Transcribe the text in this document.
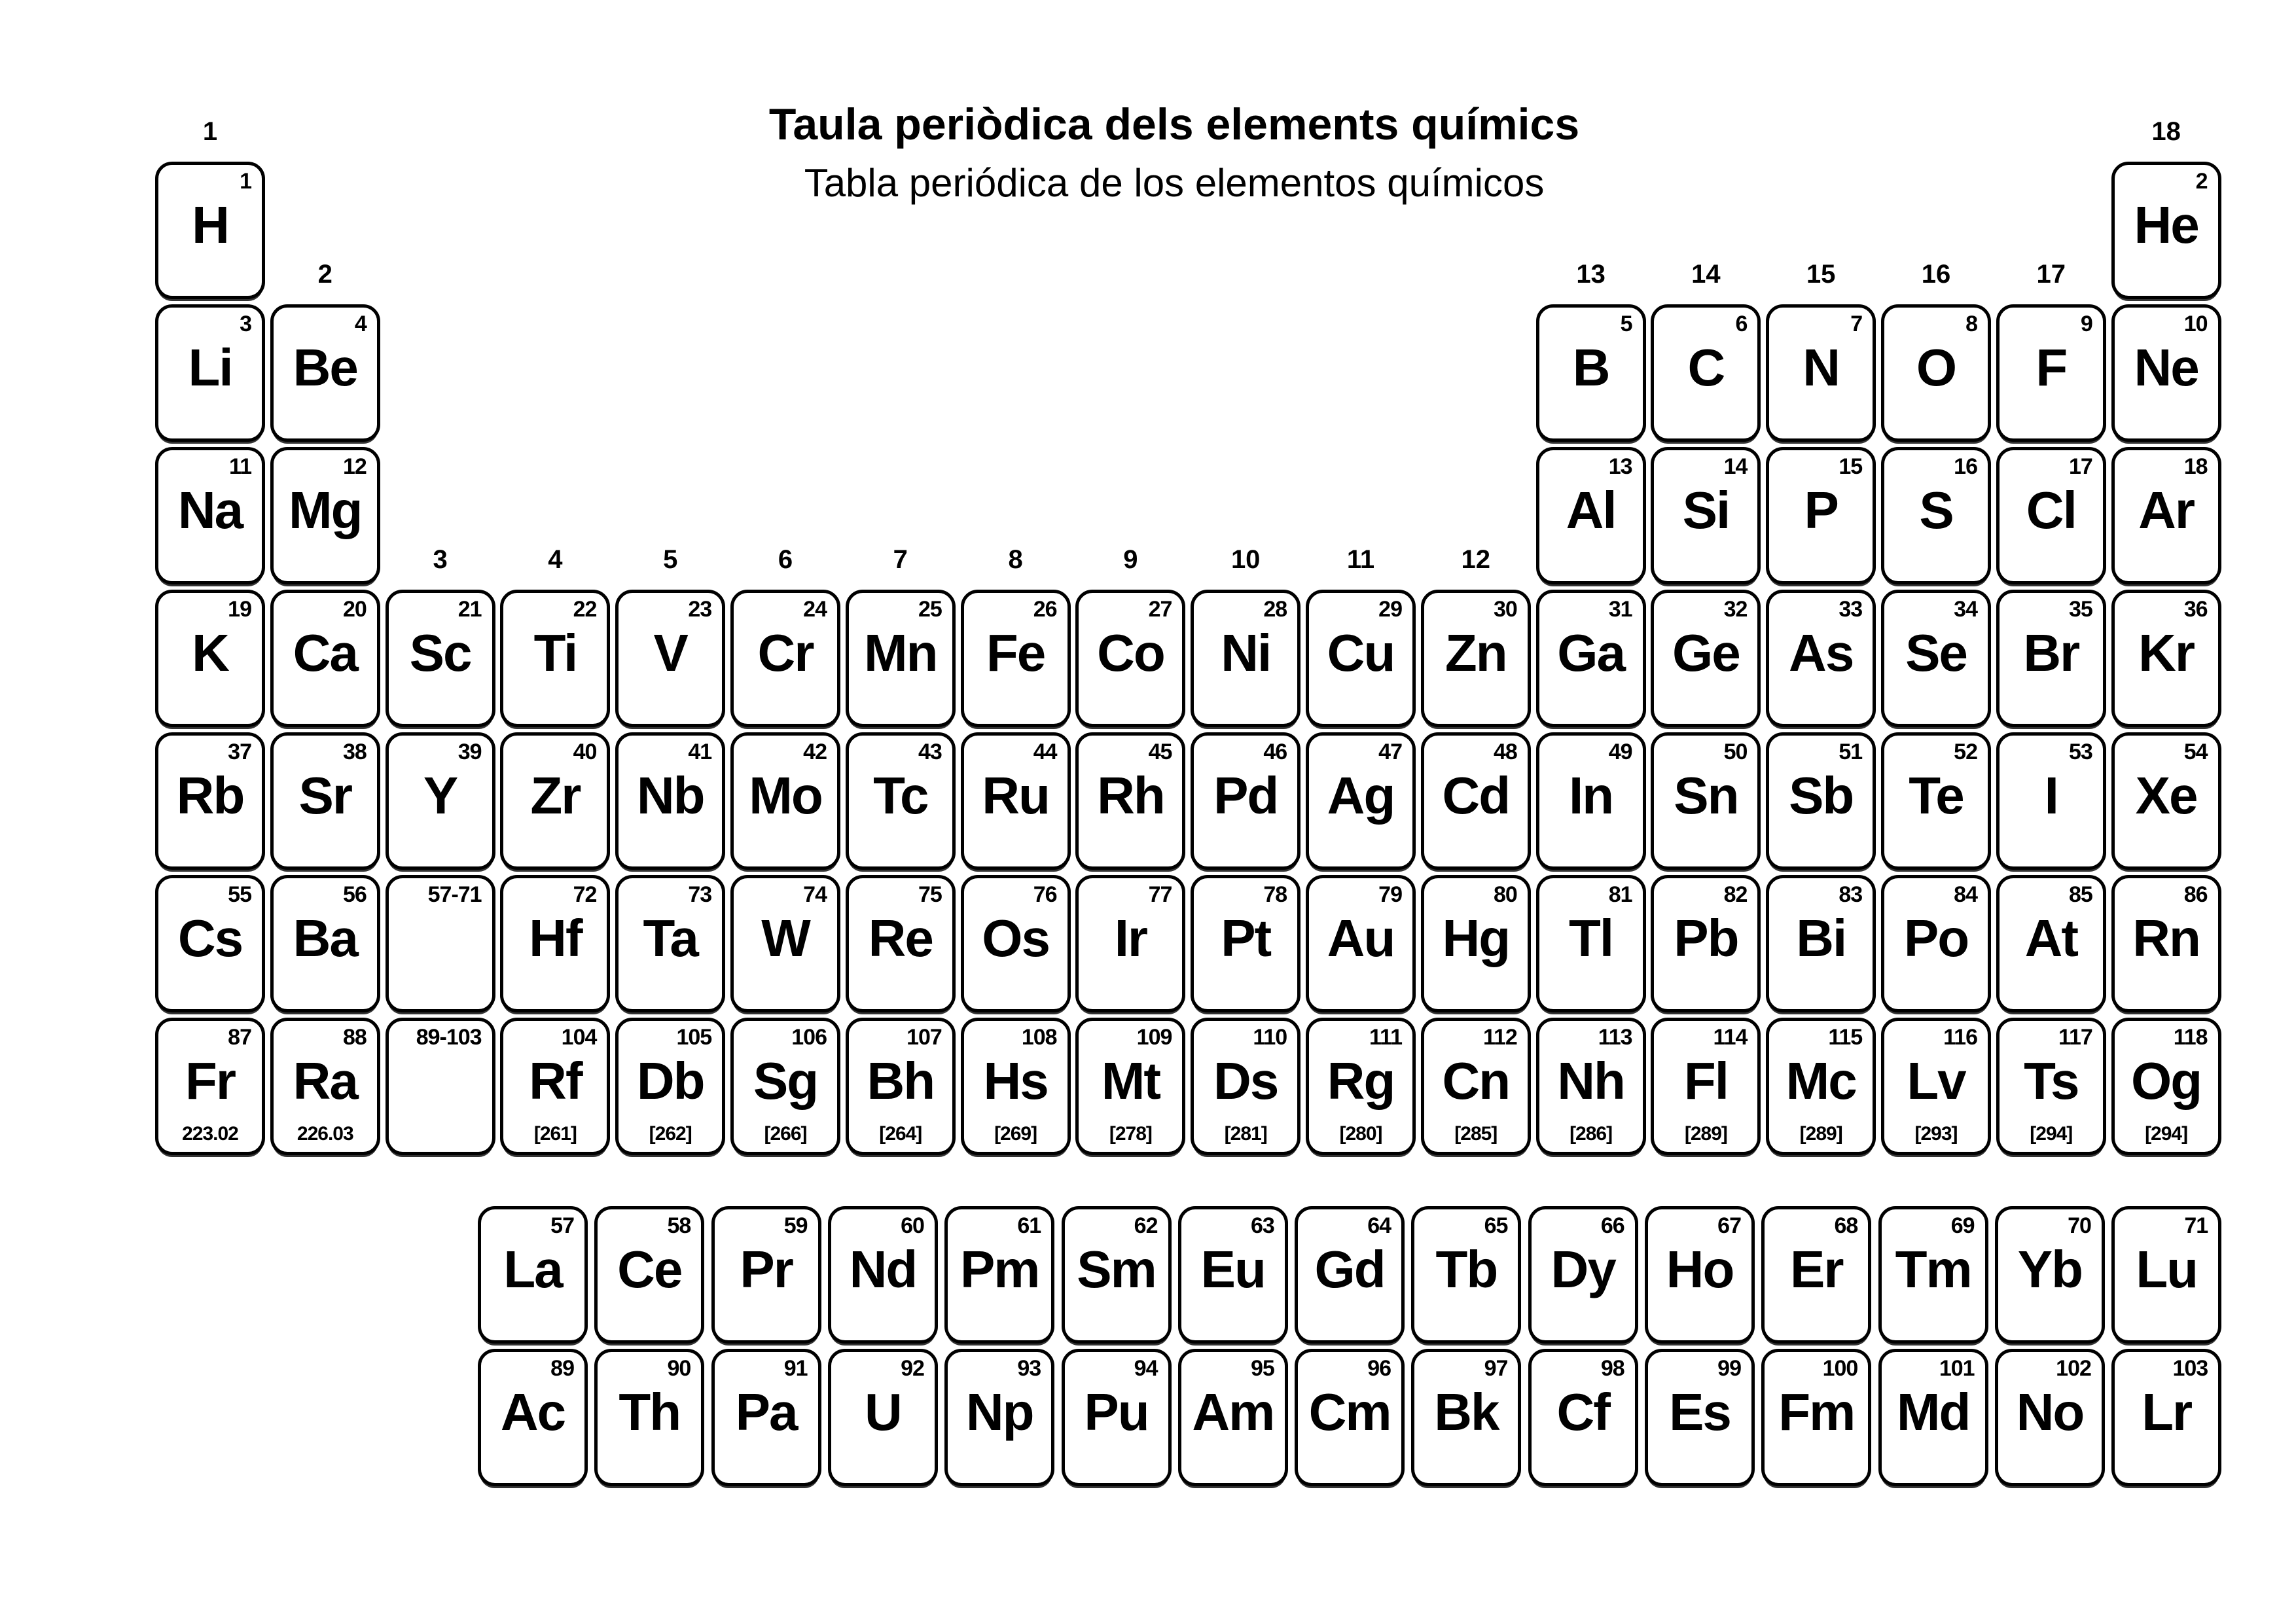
Taula periòdica dels elements químics
Tabla periódica de los elementos químicos
1	18
2	13	14	15	16	17
3	4	5	6	7	8	9	10	11	12
1
H
2
He
3
Li
4
Be
5
B
6
C
7
N
8
O
9
F
10
Ne
11
Na
12
Mg
13
Al
14
Si
15
P
16
S
17
Cl
18
Ar
19
K
20
Ca
21
Sc
22
Ti
23
V
24
Cr
25
Mn
26
Fe
27
Co
28
Ni
29
Cu
30
Zn
31
Ga
32
Ge
33
As
34
Se
35
Br
36
Kr
37
Rb
38
Sr
39
Y
40
Zr
41
Nb
42
Mo
43
Tc
44
Ru
45
Rh
46
Pd
47
Ag
48
Cd
49
In
50
Sn
51
Sb
52
Te
53
I
54
Xe
55
Cs
56
Ba
57-71	72
Hf
73
Ta
74
W
75
Re
76
Os
77
Ir
78
Pt
79
Au
80
Hg
81
Tl
82
Pb
83
Bi
84
Po
85
At
86
Rn
87
Fr
223.02
88
Ra
226.03
89-103	104
Rf
[261]
105
Db
[262]
106
Sg
[266]
107
Bh
[264]
108
Hs
[269]
109
Mt
[278]
110
Ds
[281]
111
Rg
[280]
112
Cn
[285]
113
Nh
[286]
114
Fl
[289]
115
Mc
[289]
116
Lv
[293]
117
Ts
[294]
118
Og
[294]
57
La
58
Ce
59
Pr
60
Nd
61
Pm
62
Sm
63
Eu
64
Gd
65
Tb
66
Dy
67
Ho
68
Er
69
Tm
70
Yb
71
Lu
89
Ac
90
Th
91
Pa
92
U
93
Np
94
Pu
95
Am
96
Cm
97
Bk
98
Cf
99
Es
100
Fm
101
Md
102
No
103
Lr
